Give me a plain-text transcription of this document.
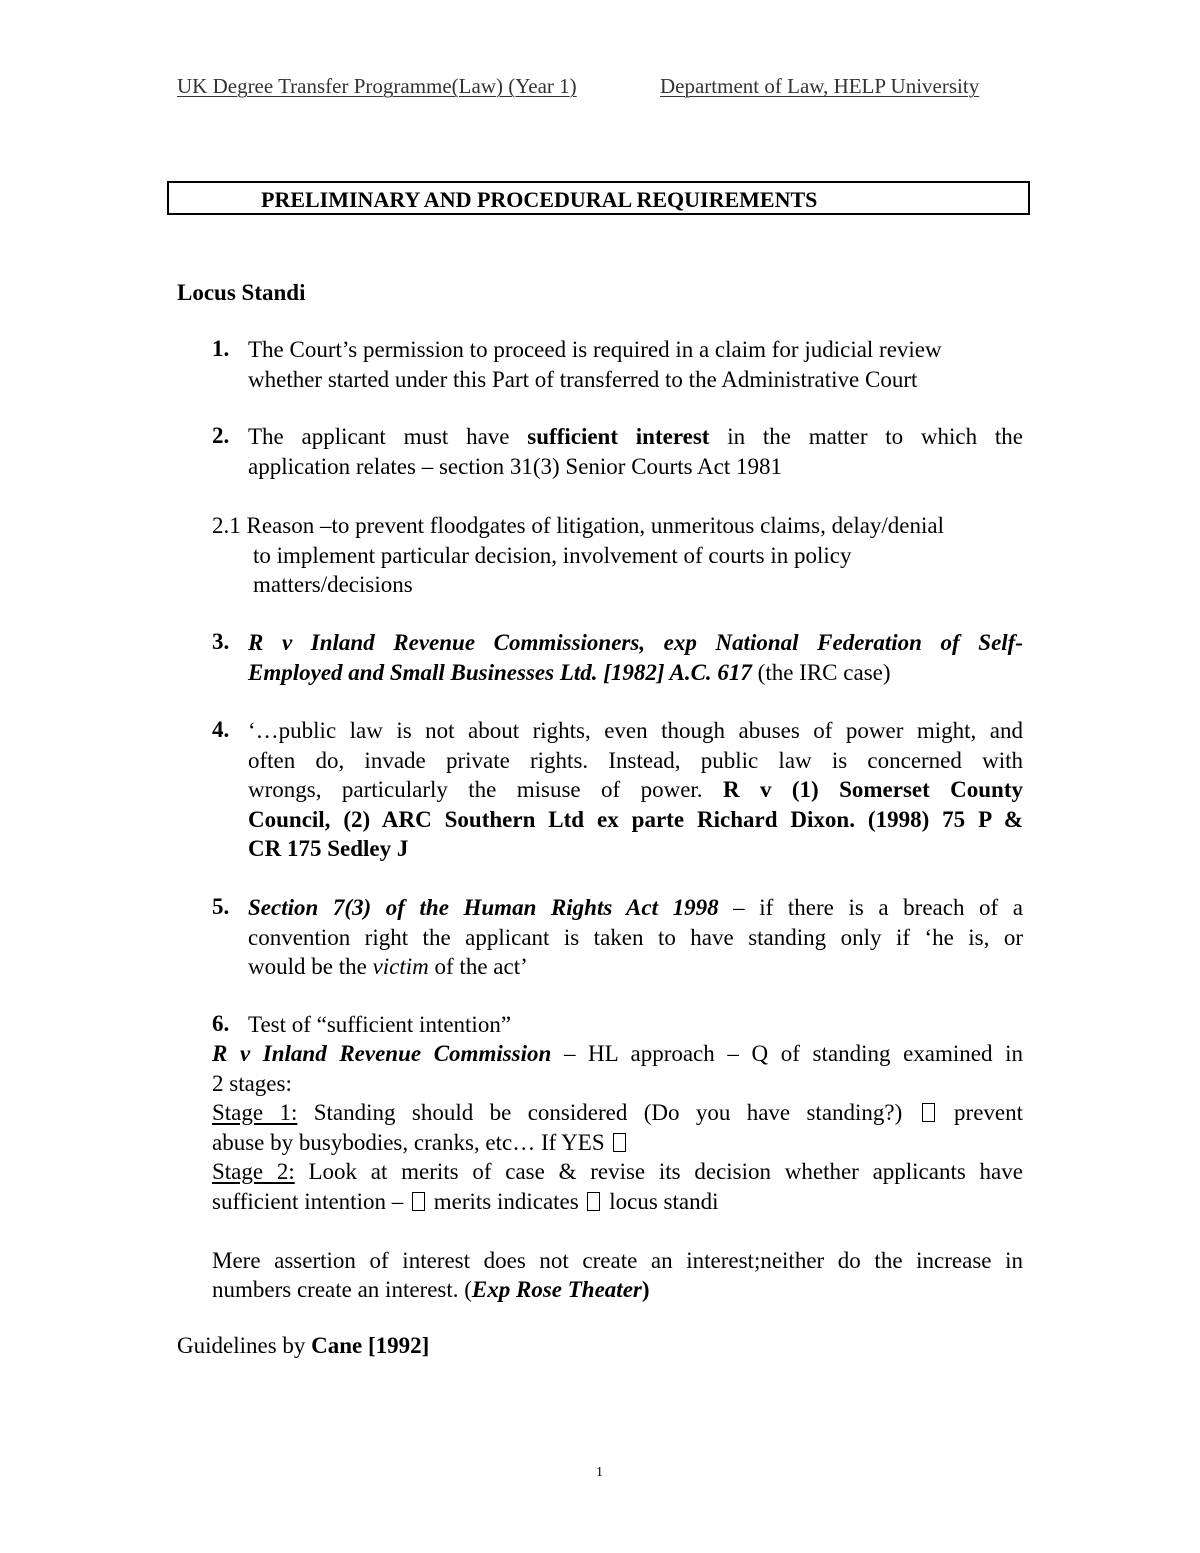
UK Degree Transfer Programme(Law) (Year 1)	Department of Law, HELP University
PRELIMINARY AND PROCEDURAL REQUIREMENTS
Locus Standi
1. The Court’s permission to proceed is required in a claim for judicial review
whether started under this Part of transferred to the Administrative Court
2. The applicant must have sufficient interest in the matter to which the
application relates – section 31(3) Senior Courts Act 1981
2.1 Reason –to prevent floodgates of litigation, unmeritous claims, delay/denial
to implement particular decision, involvement of courts in policy
matters/decisions
3. R v Inland Revenue Commissioners, exp National Federation of Self-
Employed and Small Businesses Ltd. [1982] A.C. 617 (the IRC case)
4. ‘…public law is not about rights, even though abuses of power might, and
often do, invade private rights. Instead, public law is concerned with
wrongs, particularly the misuse of power. R v (1) Somerset County
Council, (2) ARC Southern Ltd ex parte Richard Dixon. (1998) 75 P &
CR 175 Sedley J
5. Section 7(3) of the Human Rights Act 1998 – if there is a breach of a
convention right the applicant is taken to have standing only if ‘he is, or
would be the victim of the act’
6. Test of “sufficient intention”
R v Inland Revenue Commission – HL approach – Q of standing examined in
2 stages:
Stage 1: Standing should be considered (Do you have standing?) prevent
abuse by busybodies, cranks, etc… If YES
Stage 2: Look at merits of case & revise its decision whether applicants have
sufficient intention – merits indicates locus standi
Mere assertion of interest does not create an interest;neither do the increase in
numbers create an interest. (Exp Rose Theater)
Guidelines by Cane [1992]
1
